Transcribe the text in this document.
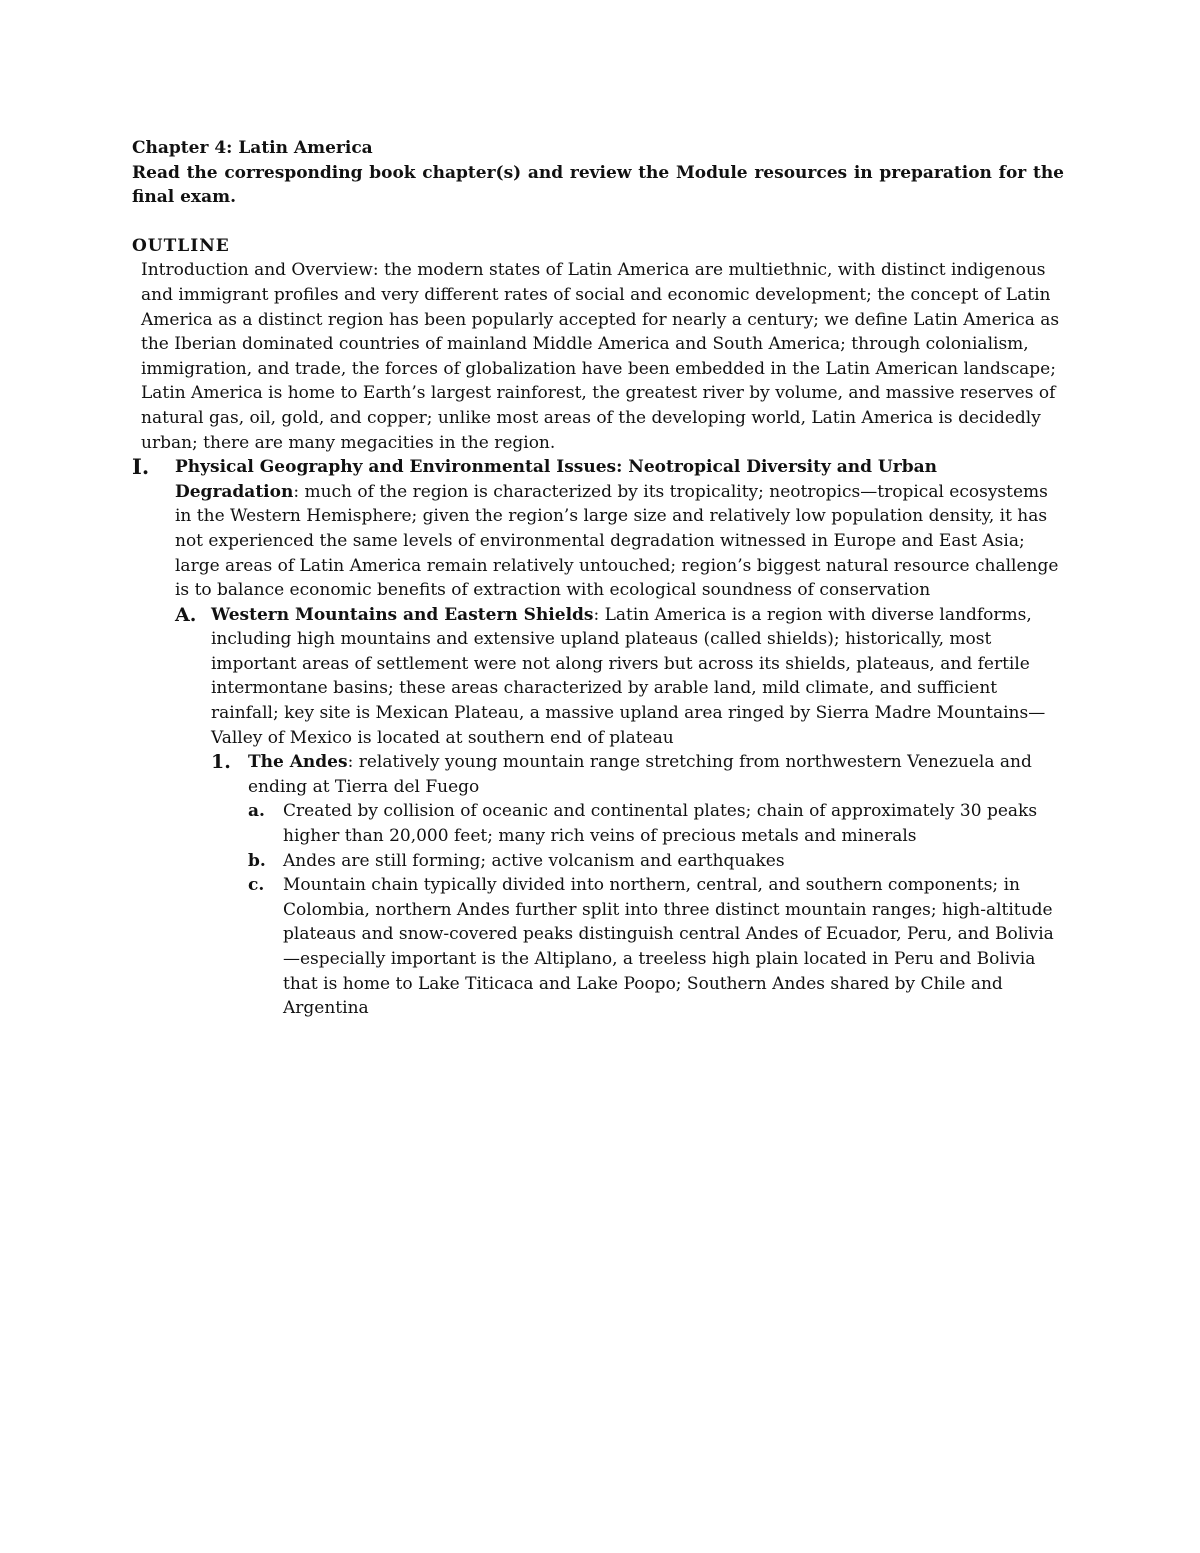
Chapter 4: Latin America

Read the corresponding book chapter(s) and review the Module resources in preparation for the final exam.

OUTLINE

Introduction and Overview: the modern states of Latin America are multiethnic, with distinct indigenous and immigrant profiles and very different rates of social and economic development; the concept of Latin America as a distinct region has been popularly accepted for nearly a century; we define Latin America as the Iberian dominated countries of mainland Middle America and South America; through colonialism, immigration, and trade, the forces of globalization have been embedded in the Latin American landscape; Latin America is home to Earth’s largest rainforest, the greatest river by volume, and massive reserves of natural gas, oil, gold, and copper; unlike most areas of the developing world, Latin America is decidedly urban; there are many megacities in the region.

I.	Physical Geography and Environmental Issues: Neotropical Diversity and Urban Degradation: much of the region is characterized by its tropicality; neotropics—tropical ecosystems in the Western Hemisphere; given the region’s large size and relatively low population density, it has not experienced the same levels of environmental degradation witnessed in Europe and East Asia; large areas of Latin America remain relatively untouched; region’s biggest natural resource challenge is to balance economic benefits of extraction with ecological soundness of conservation

A. Western Mountains and Eastern Shields: Latin America is a region with diverse landforms, including high mountains and extensive upland plateaus (called shields); historically, most important areas of settlement were not along rivers but across its shields, plateaus, and fertile intermontane basins; these areas characterized by arable land, mild climate, and sufficient rainfall; key site is Mexican Plateau, a massive upland area ringed by Sierra Madre Mountains—Valley of Mexico is located at southern end of plateau

1.	The Andes: relatively young mountain range stretching from northwestern Venezuela and ending at Tierra del Fuego

a.	Created by collision of oceanic and continental plates; chain of approximately 30 peaks higher than 20,000 feet; many rich veins of precious metals and minerals

b.	Andes are still forming; active volcanism and earthquakes

c.	Mountain chain typically divided into northern, central, and southern components; in Colombia, northern Andes further split into three distinct mountain ranges; high-altitude plateaus and snow-covered peaks distinguish central Andes of Ecuador, Peru, and Bolivia—especially important is the Altiplano, a treeless high plain located in Peru and Bolivia that is home to Lake Titicaca and Lake Poopo; Southern Andes shared by Chile and Argentina
